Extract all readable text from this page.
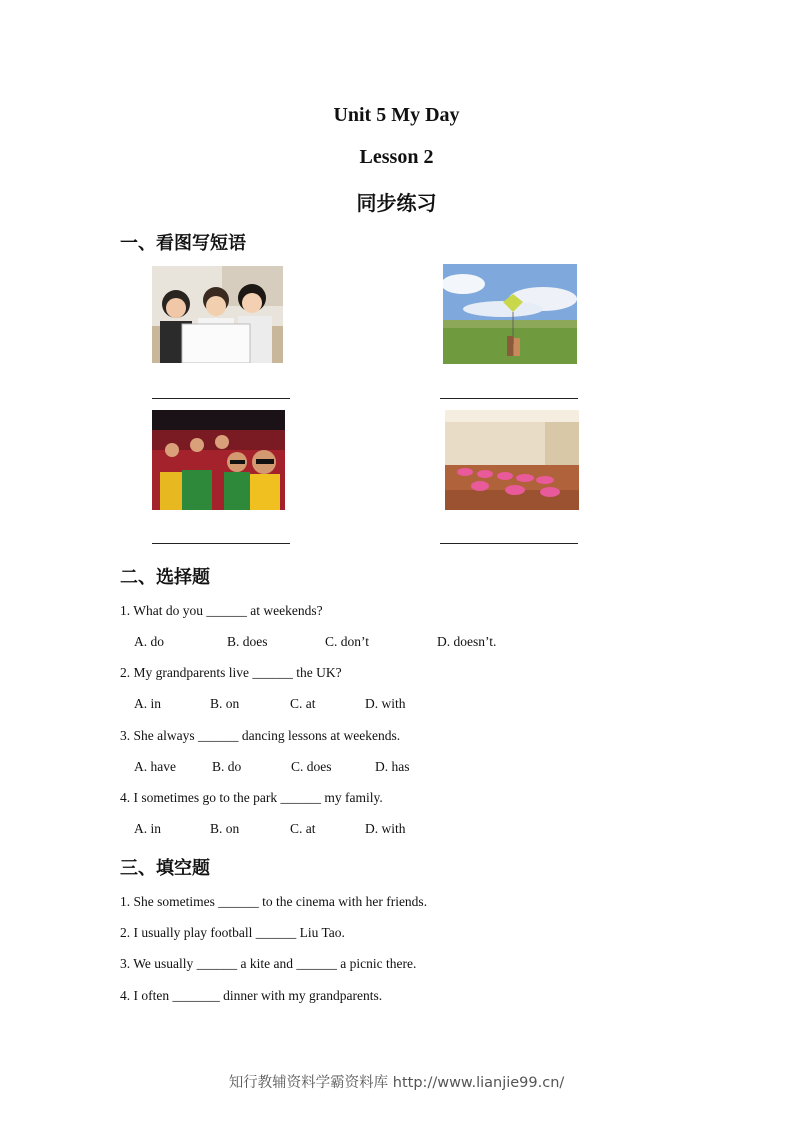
Unit 5 My Day
Lesson 2
同步练习
一、看图写短语
二、选择题
1. What do you ______ at weekends?
A. do	B. does	C. don’t	D. doesn’t.
2. My grandparents live ______ the UK?
A. in	B. on	C. at	D. with
3. She always ______ dancing lessons at weekends.
A. have	B. do	C. does	D. has
4. I sometimes go to the park ______ my family.
A. in	B. on	C. at	D. with
三、填空题
1. She sometimes ______ to the cinema with her friends.
2. I usually play football ______ Liu Tao.
3. We usually ______ a kite and ______ a picnic there.
4. I often _______ dinner with my grandparents.
知行教辅资料学霸资料库 http://www.lianjie99.cn/
